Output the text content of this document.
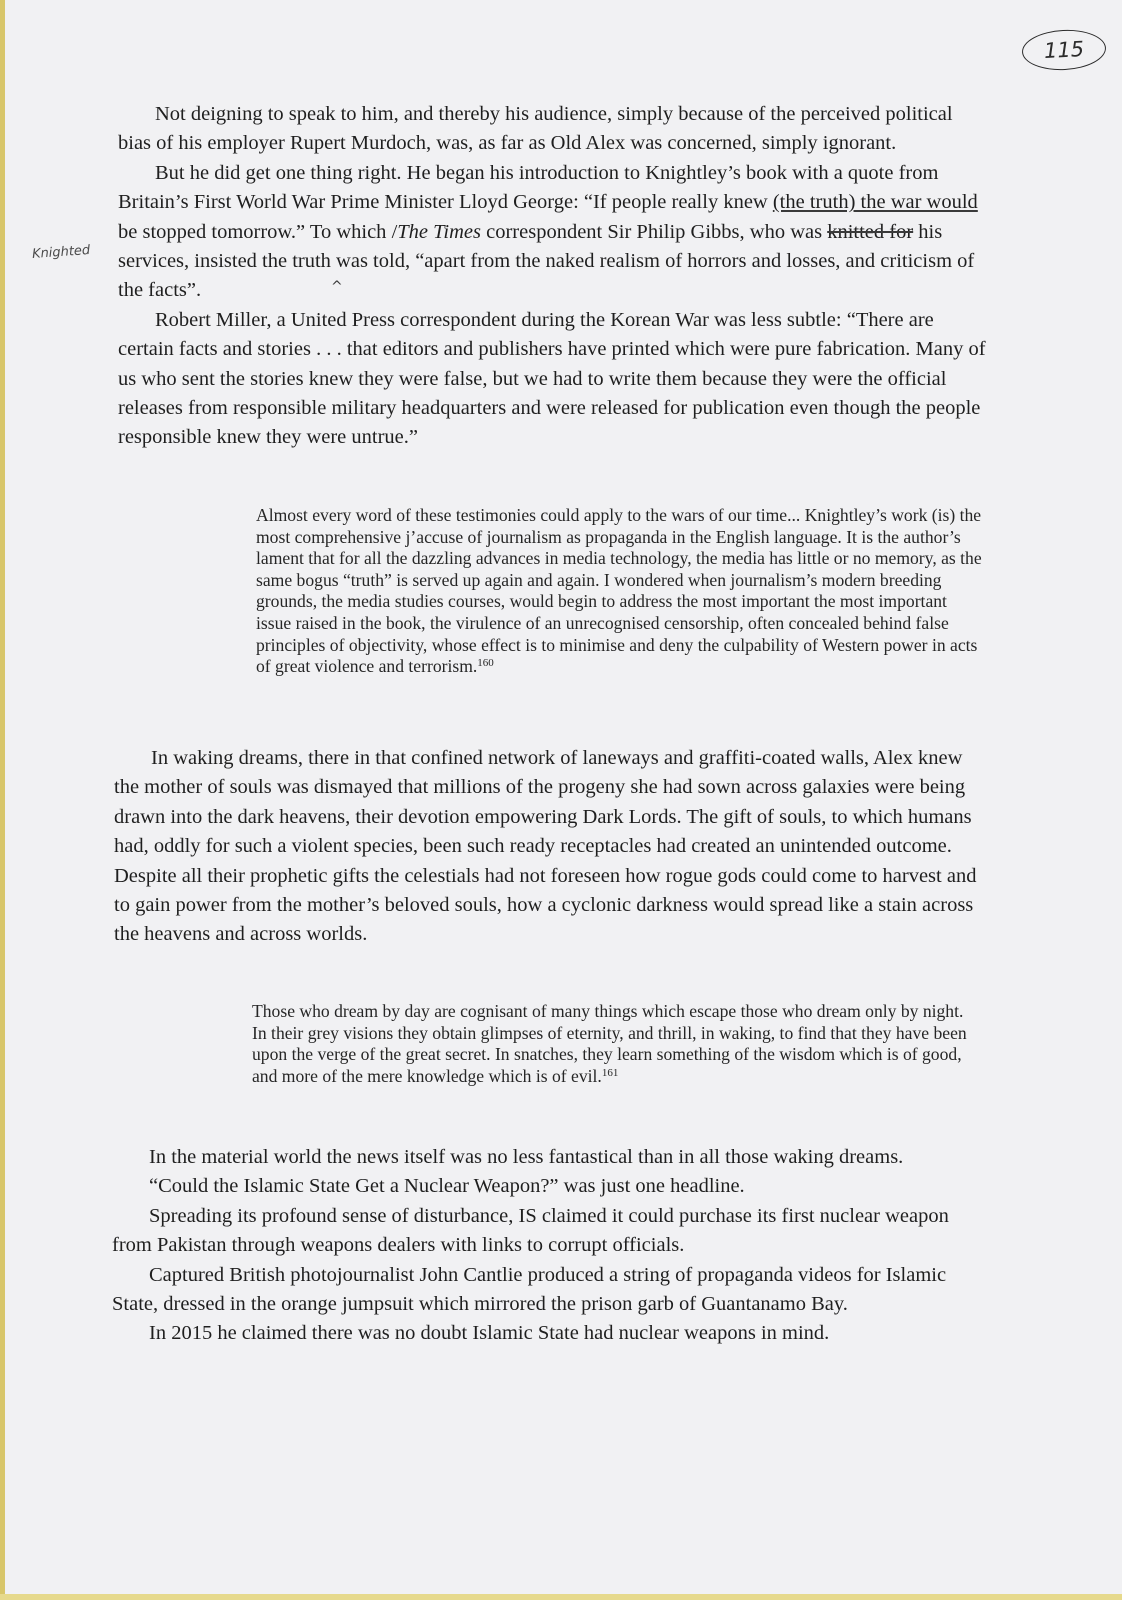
115
Knighted
^

Not deigning to speak to him, and thereby his audience, simply because of the perceived political bias of his employer Rupert Murdoch, was, as far as Old Alex was concerned, simply ignorant.

But he did get one thing right. He began his introduction to Knightley’s book with a quote from Britain’s First World War Prime Minister Lloyd George: “If people really knew (the truth) the war would be stopped tomorrow.” To which /The Times correspondent Sir Philip Gibbs, who was knitted for his services, insisted the truth was told, “apart from the naked realism of horrors and losses, and criticism of the facts”.

Robert Miller, a United Press correspondent during the Korean War was less subtle: “There are certain facts and stories . . . that editors and publishers have printed which were pure fabrication. Many of us who sent the stories knew they were false, but we had to write them because they were the official releases from responsible military headquarters and were released for publication even though the people responsible knew they were untrue.”

Almost every word of these testimonies could apply to the wars of our time... Knightley’s work (is) the most comprehensive j’accuse of journalism as propaganda in the English language. It is the author’s lament that for all the dazzling advances in media technology, the media has little or no memory, as the same bogus “truth” is served up again and again. I wondered when journalism’s modern breeding grounds, the media studies courses, would begin to address the most important the most important issue raised in the book, the virulence of an unrecognised censorship, often concealed behind false principles of objectivity, whose effect is to minimise and deny the culpability of Western power in acts of great violence and terrorism.$^{160}$

In waking dreams, there in that confined network of laneways and graffiti-coated walls, Alex knew the mother of souls was dismayed that millions of the progeny she had sown across galaxies were being drawn into the dark heavens, their devotion empowering Dark Lords. The gift of souls, to which humans had, oddly for such a violent species, been such ready receptacles had created an unintended outcome. Despite all their prophetic gifts the celestials had not foreseen how rogue gods could come to harvest and to gain power from the mother’s beloved souls, how a cyclonic darkness would spread like a stain across the heavens and across worlds.

Those who dream by day are cognisant of many things which escape those who dream only by night. In their grey visions they obtain glimpses of eternity, and thrill, in waking, to find that they have been upon the verge of the great secret. In snatches, they learn something of the wisdom which is of good, and more of the mere knowledge which is of evil.$^{161}$

In the material world the news itself was no less fantastical than in all those waking dreams.

“Could the Islamic State Get a Nuclear Weapon?” was just one headline.

Spreading its profound sense of disturbance, IS claimed it could purchase its first nuclear weapon from Pakistan through weapons dealers with links to corrupt officials.

Captured British photojournalist John Cantlie produced a string of propaganda videos for Islamic State, dressed in the orange jumpsuit which mirrored the prison garb of Guantanamo Bay.

In 2015 he claimed there was no doubt Islamic State had nuclear weapons in mind.
